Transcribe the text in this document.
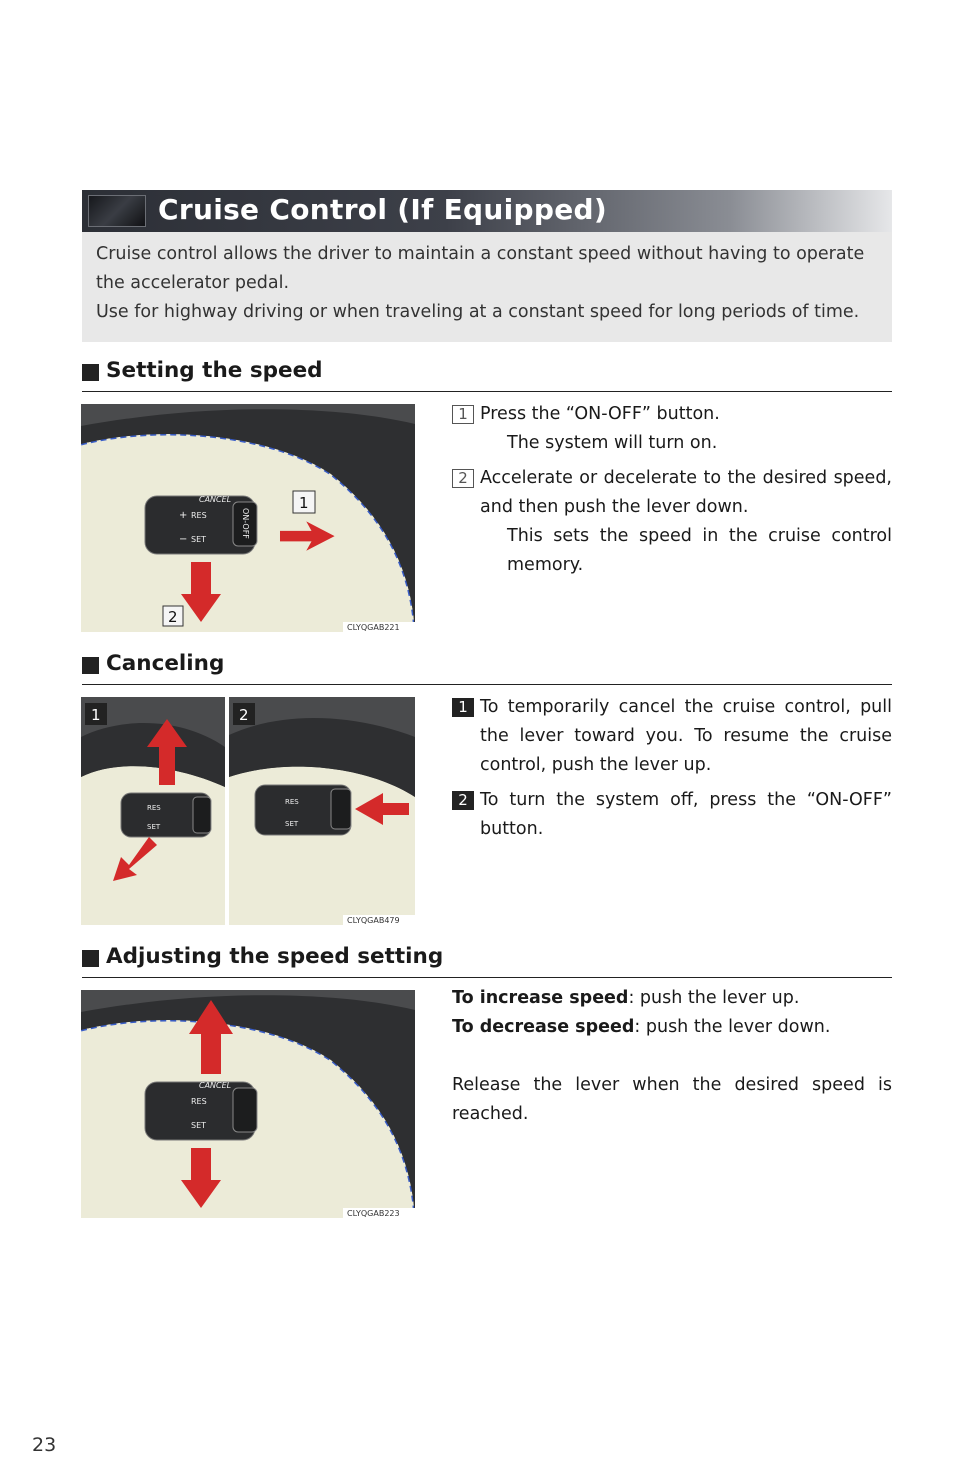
Cruise Control (If Equipped)
Cruise control allows the driver to maintain a constant speed without having to operate the accelerator pedal.
Use for highway driving or when traveling at a constant speed for long periods of time.
Setting the speed
CANCEL
+ RES
− SET
ON-OFF
1
2
CLYQGAB221
1 Press the “ON-OFF” button.
The system will turn on.
2 Accelerate or decelerate to the desired speed, and then push the lever down.
This sets the speed in the cruise control memory.
Canceling
RES
SET
1
RES
SET
2
CLYQGAB479
1 To temporarily cancel the cruise control, pull the lever toward you. To resume the cruise control, push the lever up.
2 To turn the system off, press the “ON-OFF” button.
Adjusting the speed setting
CANCEL
RES
SET
CLYQGAB223
To increase speed: push the lever up.
To decrease speed: push the lever down.
Release the lever when the desired speed is reached.
23
